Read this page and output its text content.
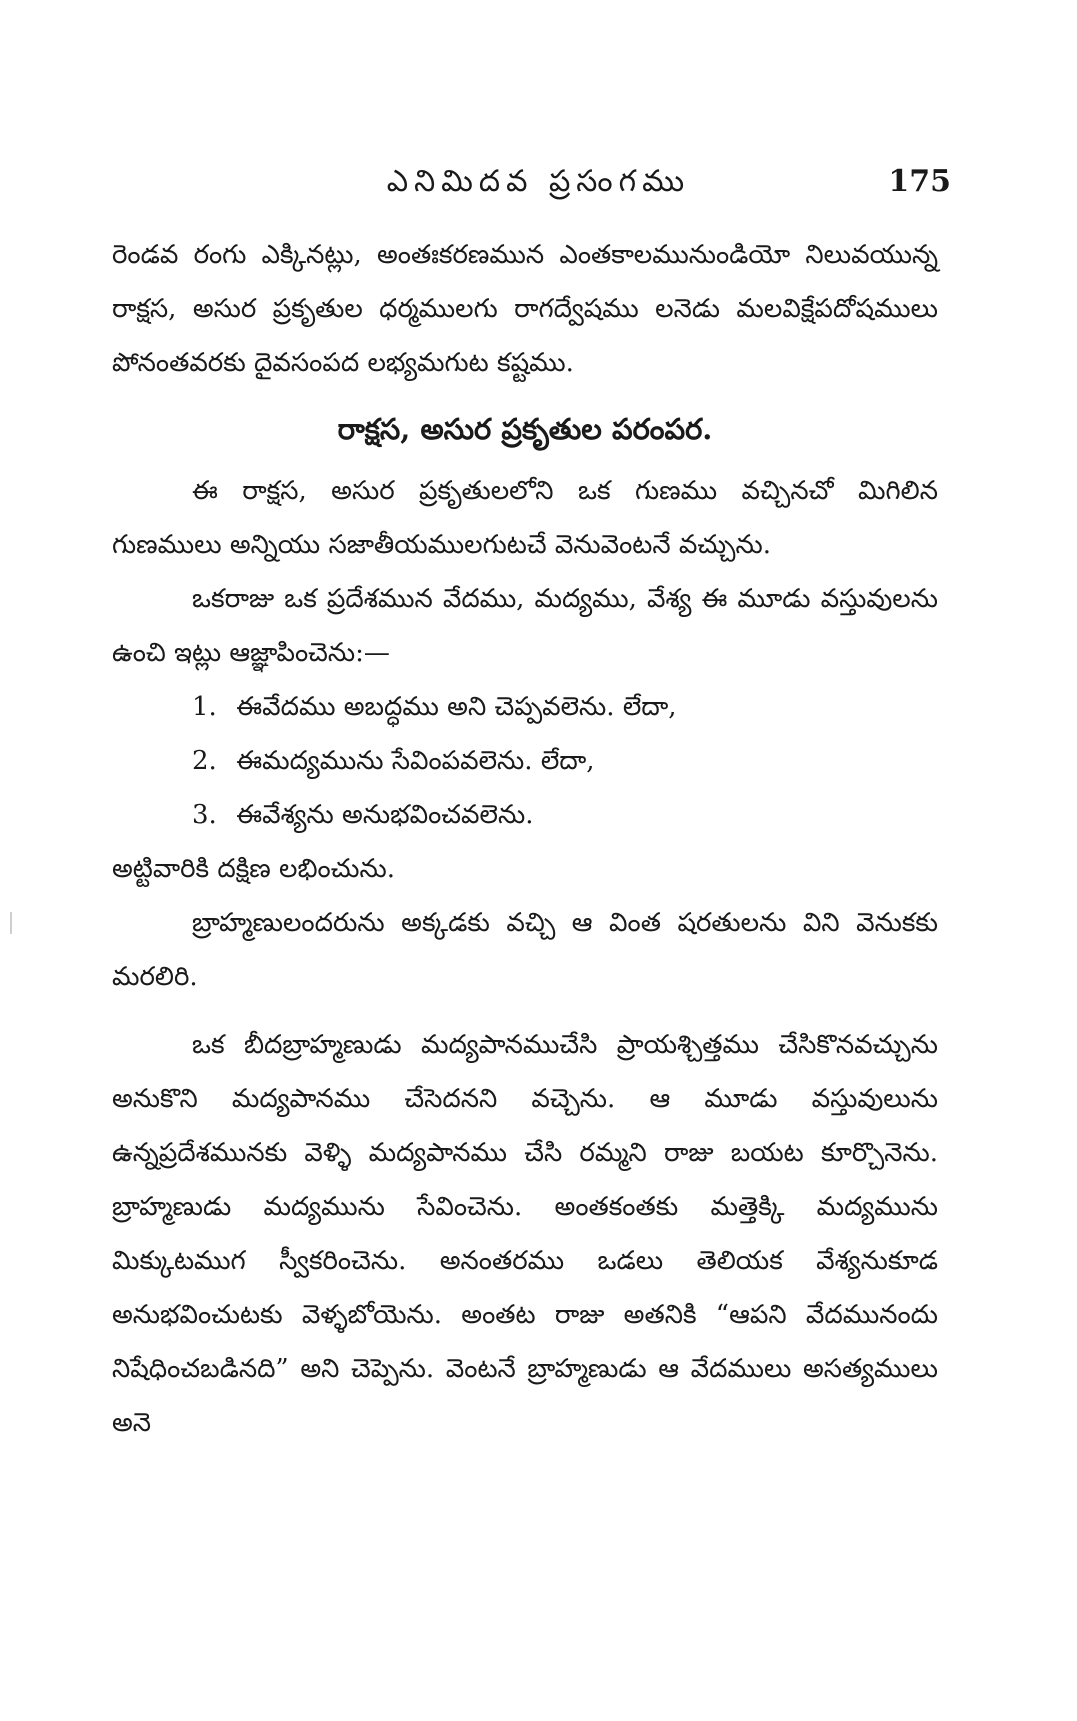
ఎనిమిదవ ప్రసంగము	175

రెండవ రంగు ఎక్కినట్లు, అంతఃకరణమున ఎంతకాలమునుండియో నిలువయున్న రాక్షస, అసుర ప్రకృతుల ధర్మములగు రాగద్వేషము లనెడు మలవిక్షేపదోషములు పోనంతవరకు దైవసంపద లభ్యమగుట కష్టము.

రాక్షస, అసుర ప్రకృతుల పరంపర.

ఈ రాక్షస, అసుర ప్రకృతులలోని ఒక గుణము వచ్చినచో మిగిలిన గుణములు అన్నియు సజాతీయములగుటచే వెనువెంటనే వచ్చును.

ఒకరాజు ఒక ప్రదేశమున వేదము, మద్యము, వేశ్య ఈ మూడు వస్తువులను ఉంచి ఇట్లు ఆజ్ఞాపించెను:—

1. ఈవేదము అబద్ధము అని చెప్పవలెను. లేదా,
2. ఈమద్యమును సేవింపవలెను. లేదా,
3. ఈవేశ్యను అనుభవించవలెను.

అట్టివారికి దక్షిణ లభించును.

బ్రాహ్మణులందరును అక్కడకు వచ్చి ఆ వింత షరతులను విని వెనుకకు మరలిరి.

ఒక బీదబ్రాహ్మణుడు మద్యపానముచేసి ప్రాయశ్చిత్తము చేసికొనవచ్చును అనుకొని మద్యపానము చేసెదనని వచ్చెను. ఆ మూడు వస్తువులును ఉన్నప్రదేశమునకు వెళ్ళి మద్యపానము చేసి రమ్మని రాజు బయట కూర్చొనెను. బ్రాహ్మణుడు మద్యమును సేవించెను. అంతకంతకు మత్తెక్కి మద్యమును మిక్కుటముగ స్వీకరించెను. అనంతరము ఒడలు తెలియక వేశ్యనుకూడ అనుభవించుటకు వెళ్ళబోయెను. అంతట రాజు అతనికి “ఆపని వేదమునందు నిషేధించబడినది” అని చెప్పెను. వెంటనే బ్రాహ్మణుడు ఆ వేదములు అసత్యములు అనె
